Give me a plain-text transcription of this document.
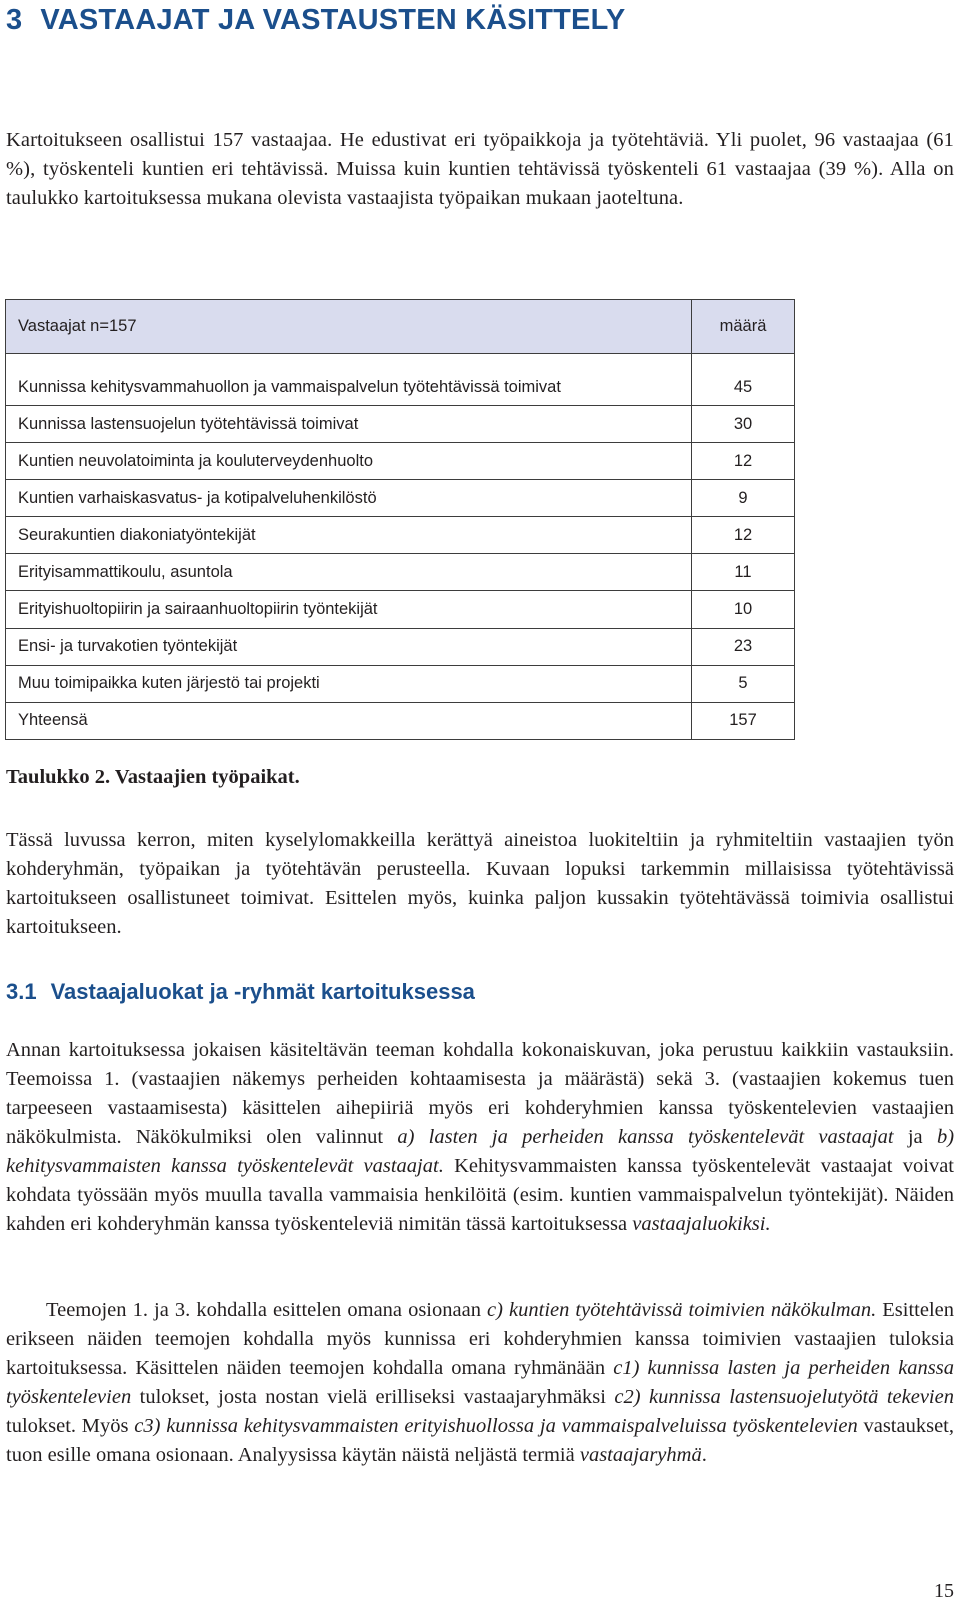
3 VASTAAJAT JA VASTAUSTEN KÄSITTELY

Kartoitukseen osallistui 157 vastaajaa. He edustivat eri työpaikkoja ja työtehtäviä. Yli puolet, 96 vastaajaa (61 %), työskenteli kuntien eri tehtävissä. Muissa kuin kuntien tehtävissä työskenteli 61 vastaajaa (39 %). Alla on taulukko kartoituksessa mukana olevista vastaajista työpaikan mukaan jaoteltuna.

Vastaajat n=157	määrä
Kunnissa kehitysvammahuollon ja vammaispalvelun työtehtävissä toimivat	45
Kunnissa lastensuojelun työtehtävissä toimivat	30
Kuntien neuvolatoiminta ja kouluterveydenhuolto	12
Kuntien varhaiskasvatus- ja kotipalveluhenkilöstö	9
Seurakuntien diakoniatyöntekijät	12
Erityisammattikoulu, asuntola	11
Erityishuoltopiirin ja sairaanhuoltopiirin työntekijät	10
Ensi- ja turvakotien työntekijät	23
Muu toimipaikka kuten järjestö tai projekti	5
Yhteensä	157

Taulukko 2. Vastaajien työpaikat.

Tässä luvussa kerron, miten kyselylomakkeilla kerättyä aineistoa luokiteltiin ja ryhmiteltiin vastaajien työn kohderyhmän, työpaikan ja työtehtävän perusteella. Kuvaan lopuksi tarkemmin millaisissa työtehtävissä kartoitukseen osallistuneet toimivat. Esittelen myös, kuinka paljon kussakin työtehtävässä toimivia osallistui kartoitukseen.

3.1 Vastaajaluokat ja -ryhmät kartoituksessa

Annan kartoituksessa jokaisen käsiteltävän teeman kohdalla kokonaiskuvan, joka perustuu kaikkiin vastauksiin. Teemoissa 1. (vastaajien näkemys perheiden kohtaamisesta ja määrästä) sekä 3. (vastaajien kokemus tuen tarpeeseen vastaamisesta) käsittelen aihepiiriä myös eri kohderyhmien kanssa työskentelevien vastaajien näkökulmista. Näkökulmiksi olen valinnut a) lasten ja perheiden kanssa työskentelevät vastaajat ja b) kehitysvammaisten kanssa työskentelevät vastaajat. Kehitysvammaisten kanssa työskentelevät vastaajat voivat kohdata työssään myös muulla tavalla vammaisia henkilöitä (esim. kuntien vammaispalvelun työntekijät). Näiden kahden eri kohderyhmän kanssa työskenteleviä nimitän tässä kartoituksessa vastaajaluokiksi.

Teemojen 1. ja 3. kohdalla esittelen omana osionaan c) kuntien työtehtävissä toimivien näkökulman. Esittelen erikseen näiden teemojen kohdalla myös kunnissa eri kohderyhmien kanssa toimivien vastaajien tuloksia kartoituksessa. Käsittelen näiden teemojen kohdalla omana ryhmänään c1) kunnissa lasten ja perheiden kanssa työskentelevien tulokset, josta nostan vielä erilliseksi vastaajaryhmäksi c2) kunnissa lastensuojelutyötä tekevien tulokset. Myös c3) kunnissa kehitysvammaisten erityishuollossa ja vammaispalveluissa työskentelevien vastaukset, tuon esille omana osionaan. Analyysissa käytän näistä neljästä termiä vastaajaryhmä.

15
